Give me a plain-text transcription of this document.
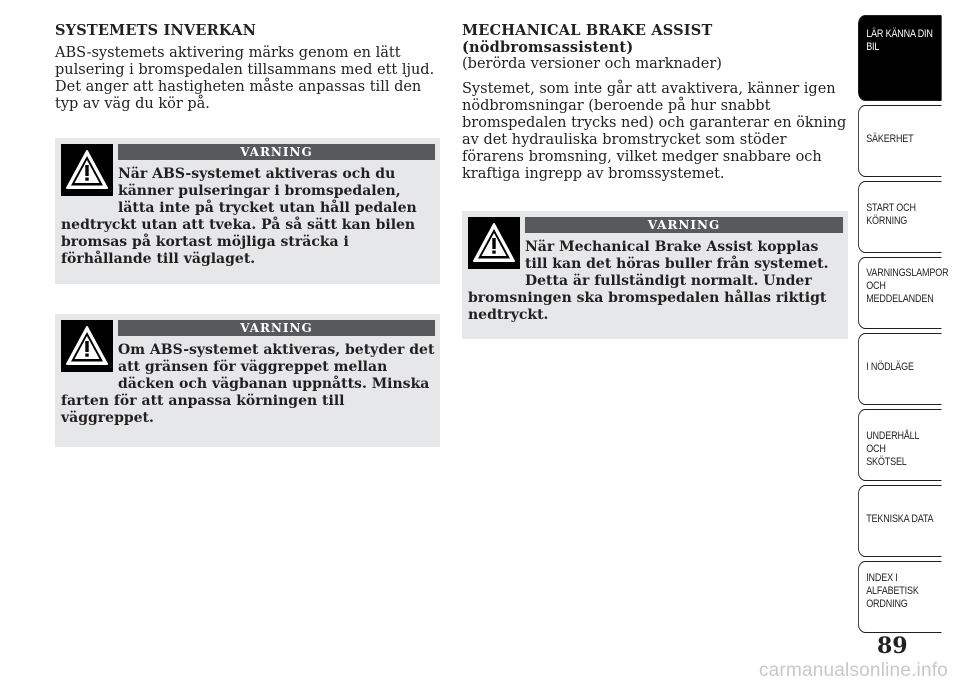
SYSTEMETS INVERKAN

ABS-systemets aktivering märks genom en lätt pulsering i bromspedalen tillsammans med ett ljud. Det anger att hastigheten måste anpassas till den typ av väg du kör på.

VARNING

När ABS-systemet aktiveras och du känner pulseringar i bromspedalen, lätta inte på trycket utan håll pedalen nedtryckt utan att tveka. På så sätt kan bilen bromsas på kortast möjliga sträcka i förhållande till väglaget.

VARNING

Om ABS-systemet aktiveras, betyder det att gränsen för väggreppet mellan däcken och vägbanan uppnåtts. Minska farten för att anpassa körningen till väggreppet.

MECHANICAL BRAKE ASSIST
(nödbromsassistent)

(berörda versioner och marknader)

Systemet, som inte går att avaktivera, känner igen nödbromsningar (beroende på hur snabbt bromspedalen trycks ned) och garanterar en ökning av det hydrauliska bromstrycket som stöder förarens bromsning, vilket medger snabbare och kraftiga ingrepp av bromssystemet.

VARNING

När Mechanical Brake Assist kopplas till kan det höras buller från systemet. Detta är fullständigt normalt. Under bromsningen ska bromspedalen hållas riktigt nedtryckt.

LÄR KÄNNA DIN
BIL
SÄKERHET
START OCH
KÖRNING
VARNINGSLAMPOR
OCH
MEDDELANDEN
I NÖDLÄGE
UNDERHÅLL OCH
SKÖTSEL
TEKNISKA DATA
INDEX I
ALFABETISK
ORDNING
89
carmanualsonline.info
